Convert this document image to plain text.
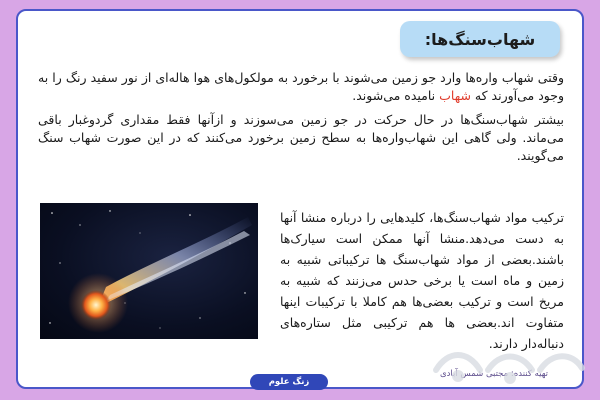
شهاب‌سنگ‌ها:

وقتی شهاب واره‌ها وارد جو زمین می‌شوند با برخورد به مولکول‌های هوا هاله‌ای از نور سفید رنگ را به وجود می‌آورند که شهاب نامیده می‌شوند.

بیشتر شهاب‌سنگ‌ها در حال حرکت در جو زمین می‌سوزند و ازآنها فقط مقداری گردوغبار باقی می‌ماند. ولی گاهی این شهاب‌واره‌ها به سطح زمین برخورد می‌کنند که در این صورت شهاب سنگ می‌گویند.

ترکیب مواد شهاب‌سنگ‌ها، کلیدهایی را درباره منشا آنها به دست می‌دهد.منشا آنها ممکن است سیارک‌ها باشند.بعضی از مواد شهاب‌سنگ ها ترکیباتی شبیه به زمین و ماه است یا برخی حدس می‌زنند که شبیه به مریخ است و ترکیب بعضی‌ها هم کاملا با ترکیبات اینها متفاوت اند.بعضی ها هم ترکیبی مثل ستاره‌های دنباله‌دار دارند.

تهیه کننده: مجتبی شمس آبادی
زنگ علوم
